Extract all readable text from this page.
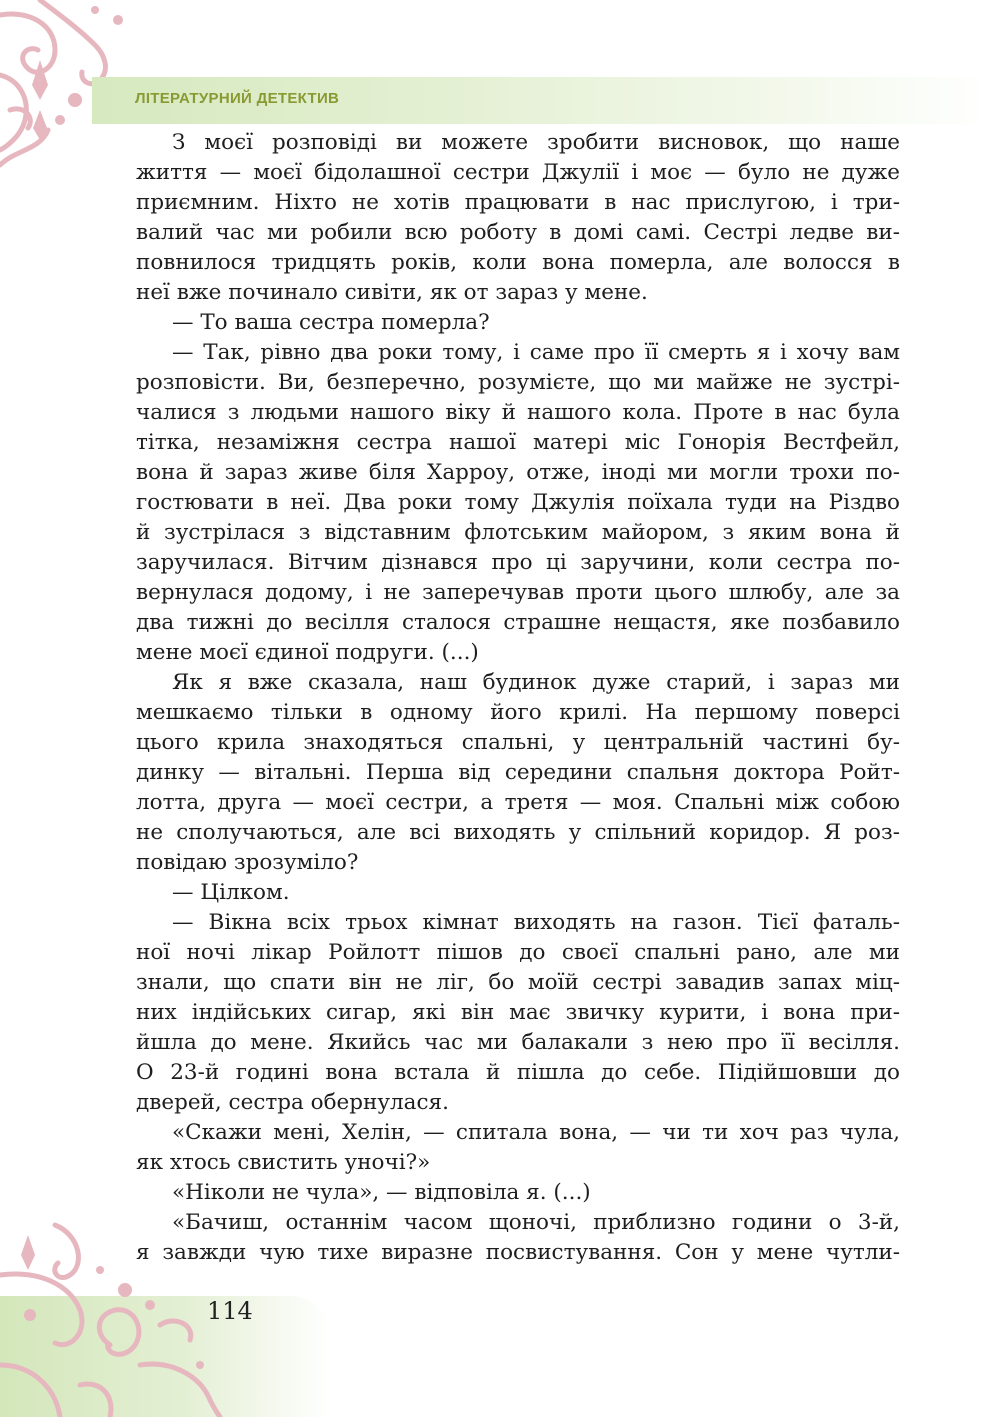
ЛІТЕРАТУРНИЙ ДЕТЕКТИВ
З моєї розповіді ви можете зробити висновок, що наше
життя — моєї бідолашної сестри Джулії і моє — було не дуже
приємним. Ніхто не хотів працювати в нас прислугою, і три-
валий час ми робили всю роботу в домі самі. Сестрі ледве ви-
повнилося тридцять років, коли вона померла, але волосся в
неї вже починало сивіти, як от зараз у мене.
— То ваша сестра померла?
— Так, рівно два роки тому, і саме про її смерть я і хочу вам
розповісти. Ви, безперечно, розумієте, що ми майже не зустрі-
чалися з людьми нашого віку й нашого кола. Проте в нас була
тітка, незаміжня сестра нашої матері міс Гонорія Вестфейл,
вона й зараз живе біля Харроу, отже, іноді ми могли трохи по-
гостювати в неї. Два роки тому Джулія поїхала туди на Різдво
й зустрілася з відставним флотським майором, з яким вона й
заручилася. Вітчим дізнався про ці заручини, коли сестра по-
вернулася додому, і не заперечував проти цього шлюбу, але за
два тижні до весілля сталося страшне нещастя, яке позбавило
мене моєї єдиної подруги. (...)
Як я вже сказала, наш будинок дуже старий, і зараз ми
мешкаємо тільки в одному його крилі. На першому поверсі
цього крила знаходяться спальні, у центральній частині бу-
динку — вітальні. Перша від середини спальня доктора Ройт-
лотта, друга — моєї сестри, а третя — моя. Спальні між собою
не сполучаються, але всі виходять у спільний коридор. Я роз-
повідаю зрозуміло?
— Цілком.
— Вікна всіх трьох кімнат виходять на газон. Тієї фаталь-
ної ночі лікар Ройлотт пішов до своєї спальні рано, але ми
знали, що спати він не ліг, бо моїй сестрі завадив запах міц-
них індійських сигар, які він має звичку курити, і вона при-
йшла до мене. Якийсь час ми балакали з нею про її весілля.
О 23-й годині вона встала й пішла до себе. Підійшовши до
дверей, сестра обернулася.
«Скажи мені, Хелін, — спитала вона, — чи ти хоч раз чула,
як хтось свистить уночі?»
«Ніколи не чула», — відповіла я. (...)
«Бачиш, останнім часом щоночі, приблизно години о 3-й,
я завжди чую тихе виразне посвистування. Сон у мене чутли-
114
